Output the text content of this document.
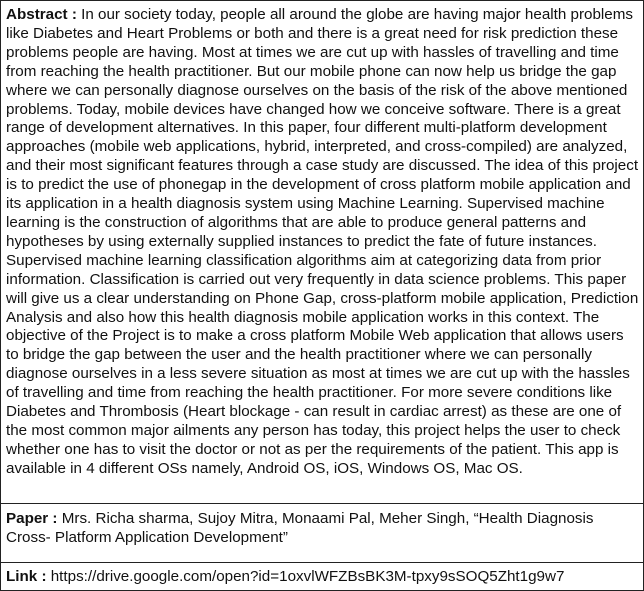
Abstract : In our society today, people all around the globe are having major health problems like Diabetes and Heart Problems or both and there is a great need for risk prediction these problems people are having. Most at times we are cut up with hassles of travelling and time from reaching the health practitioner. But our mobile phone can now help us bridge the gap where we can personally diagnose ourselves on the basis of the risk of the above mentioned problems. Today, mobile devices have changed how we conceive software. There is a great range of development alternatives. In this paper, four different multi-platform development approaches (mobile web applications, hybrid, interpreted, and cross-compiled) are analyzed, and their most significant features through a case study are discussed. The idea of this project is to predict the use of phonegap in the development of cross platform mobile application and its application in a health diagnosis system using Machine Learning. Supervised machine learning is the construction of algorithms that are able to produce general patterns and hypotheses by using externally supplied instances to predict the fate of future instances. Supervised machine learning classification algorithms aim at categorizing data from prior information. Classification is carried out very frequently in data science problems. This paper will give us a clear understanding on Phone Gap, cross-platform mobile application, Prediction Analysis and also how this health diagnosis mobile application works in this context. The objective of the Project is to make a cross platform Mobile Web application that allows users to bridge the gap between the user and the health practitioner where we can personally diagnose ourselves in a less severe situation as most at times we are cut up with the hassles of travelling and time from reaching the health practitioner. For more severe conditions like Diabetes and Thrombosis (Heart blockage - can result in cardiac arrest) as these are one of the most common major ailments any person has today, this project helps the user to check whether one has to visit the doctor or not as per the requirements of the patient. This app is available in 4 different OSs namely, Android OS, iOS, Windows OS, Mac OS.
Paper : Mrs. Richa sharma, Sujoy Mitra, Monaami Pal, Meher Singh, “Health Diagnosis Cross- Platform Application Development”
Link : https://drive.google.com/open?id=1oxvlWFZBsBK3M-tpxy9sSOQ5Zht1g9w7
